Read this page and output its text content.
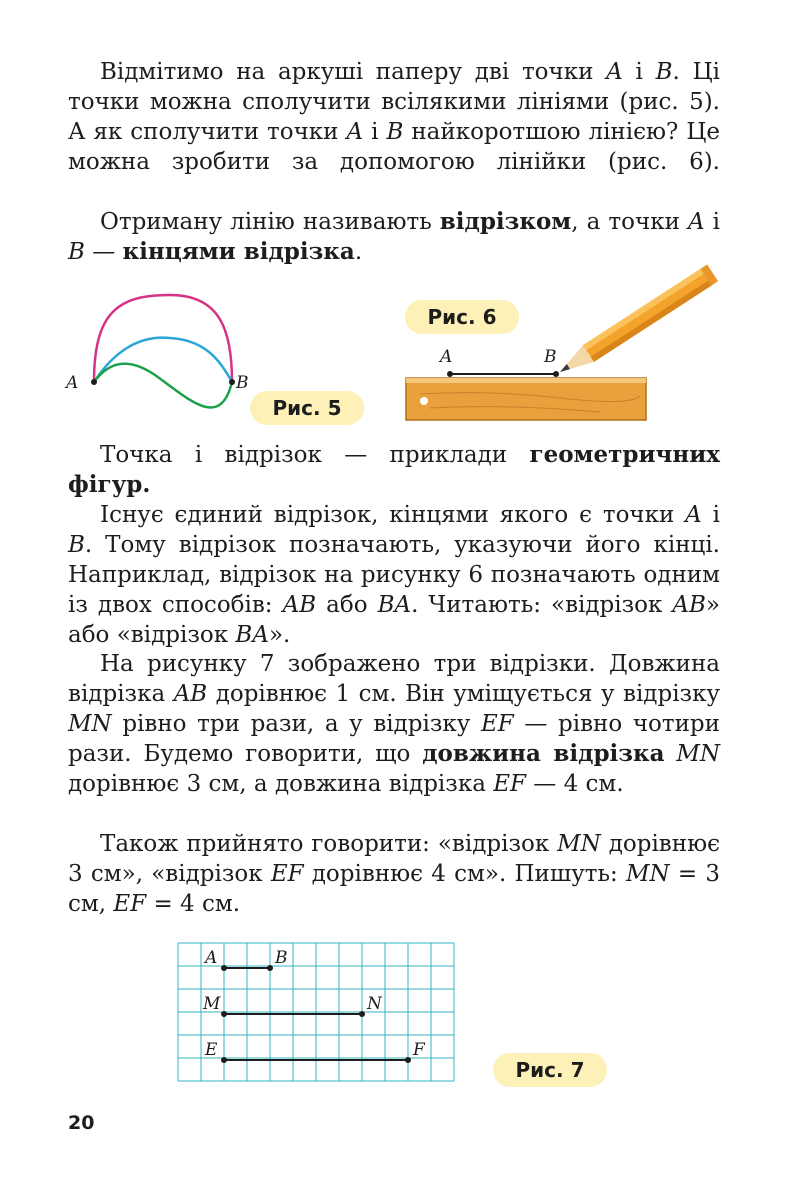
Відмітимо на аркуші паперу дві точки A і B. Ці точки можна сполучити всілякими лініями (рис. 5). А як сполучити точки A і B найкоротшою лінією? Це можна зробити за допомогою лінійки (рис. 6).

Отриману лінію називають відрізком, а точки A і B — кінцями відрізка.

A	B
Рис. 5
Рис. 6
A	B

Точка і відрізок — приклади геометричних фігур.

Існує єдиний відрізок, кінцями якого є точки A і B. Тому відрізок позначають, указуючи його кінці. Наприклад, відрізок на рисунку 6 позначають одним із двох способів: AB або BA. Читають: «відрізок AB» або «відрізок BA».

На рисунку 7 зображено три відрізки. Довжина відрізка AB дорівнює 1 см. Він уміщується у відрізку MN рівно три рази, а у відрізку EF — рівно чотири рази. Будемо говорити, що довжина відрізка MN дорівнює 3 см, а довжина відрізка EF — 4 см.

Також прийнято говорити: «відрізок MN дорівнює 3 см», «відрізок EF дорівнює 4 см». Пишуть: MN = 3 см, EF = 4 см.

A	B
M	N
E	F
Рис. 7
20
